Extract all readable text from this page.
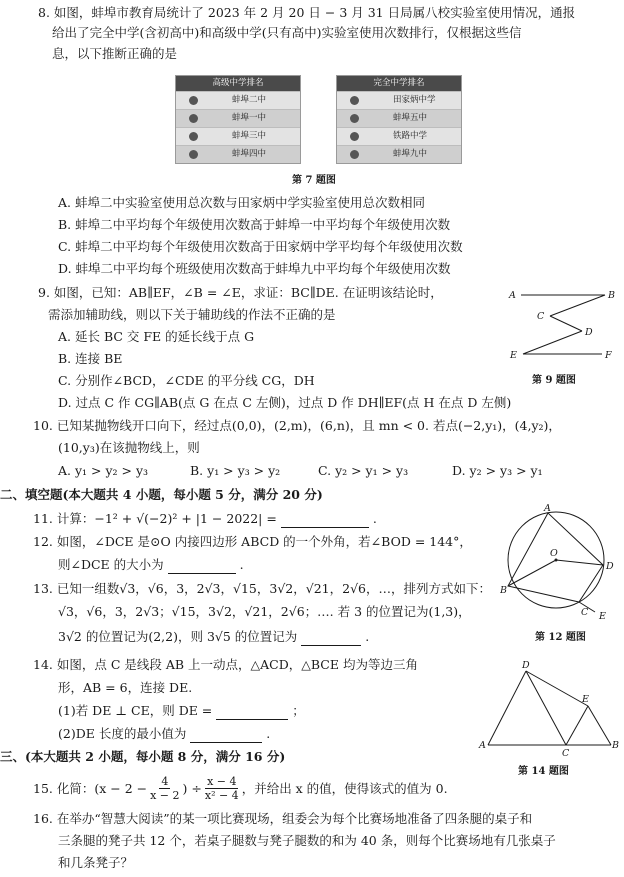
8. 如图，蚌埠市教育局统计了 2023 年 2 月 20 日 − 3 月 31 日局属八校实验室使用情况，通报
给出了完全中学(含初高中)和高级中学(只有高中)实验室使用次数排行，仅根据这些信
息，以下推断正确的是
高级中学排名
蚌埠二中
蚌埠一中
蚌埠三中
蚌埠四中
完全中学排名
田家炳中学
蚌埠五中
铁路中学
蚌埠九中
第 7 题图
A. 蚌埠二中实验室使用总次数与田家炳中学实验室使用总次数相同
B. 蚌埠二中平均每个年级使用次数高于蚌埠一中平均每个年级使用次数
C. 蚌埠二中平均每个年级使用次数高于田家炳中学平均每个年级使用次数
D. 蚌埠二中平均每个班级使用次数高于蚌埠九中平均每个年级使用次数
9. 如图，已知：AB∥EF，∠B = ∠E，求证：BC∥DE. 在证明该结论时，
需添加辅助线，则以下关于辅助线的作法不正确的是
A. 延长 BC 交 FE 的延长线于点 G
B. 连接 BE
C. 分别作∠BCD，∠CDE 的平分线 CG，DH
D. 过点 C 作 CG∥AB(点 G 在点 C 左侧)，过点 D 作 DH∥EF(点 H 在点 D 左侧)
A	B
C
D
E	F
第 9 题图
10. 已知某抛物线开口向下，经过点(0,0)，(2,m)，(6,n)，且 mn < 0. 若点(−2,y₁)，(4,y₂)，
(10,y₃)在该抛物线上，则
A. y₁ > y₂ > y₃	B. y₁ > y₃ > y₂	C. y₂ > y₁ > y₃	D. y₂ > y₃ > y₁
二、填空题(本大题共 4 小题，每小题 5 分，满分 20 分)
11. 计算：−1² + √(−2)² + |1 − 2022| =	.
12. 如图，∠DCE 是⊙O 内接四边形 ABCD 的一个外角，若∠BOD = 144°，
则∠DCE 的大小为	.
A
B
C
D
E
O
第 12 题图
13. 已知一组数√3，√6，3，2√3，√15，3√2，√21，2√6，…，排列方式如下：
√3，√6，3，2√3；√15，3√2，√21，2√6；…. 若 3 的位置记为(1,3)，
3√2 的位置记为(2,2)，则 3√5 的位置记为	.
14. 如图，点 C 是线段 AB 上一动点，△ACD，△BCE 均为等边三角
形，AB = 6，连接 DE.
(1)若 DE ⊥ CE，则 DE =	；
(2)DE 长度的最小值为	.
A	B
C
D
E
第 14 题图
三、(本大题共 2 小题，每小题 8 分，满分 16 分)
15. 化简：($x - 2 - \frac{4}{x - 2}$ ) ÷ $\frac{x - 4}{\text{x² − 4}}$ ，并给出 x 的值，使得该式的值为 0.
16. 在举办“智慧大阅读”的某一项比赛现场，组委会为每个比赛场地准备了四条腿的桌子和
三条腿的凳子共 12 个，若桌子腿数与凳子腿数的和为 40 条，则每个比赛场地有几张桌子
和几条凳子？
